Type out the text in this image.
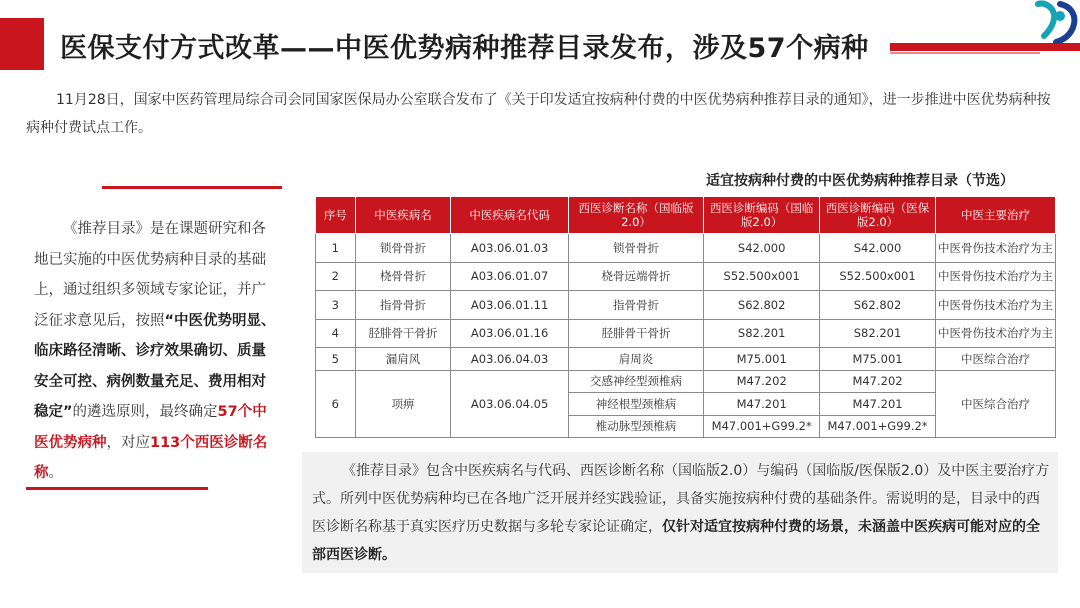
医保支付方式改革——中医优势病种推荐目录发布，涉及57个病种

11月28日，国家中医药管理局综合司会同国家医保局办公室联合发布了《关于印发适宜按病种付费的中医优势病种推荐目录的通知》，进一步推进中医优势病种按病种付费试点工作。

《推荐目录》是在课题研究和各地已实施的中医优势病种目录的基础上，通过组织多领域专家论证，并广泛征求意见后，按照“中医优势明显、临床路径清晰、诊疗效果确切、质量安全可控、病例数量充足、费用相对稳定”的遴选原则，最终确定57个中医优势病种，对应113个西医诊断名称。

适宜按病种付费的中医优势病种推荐目录（节选）
序号	中医疾病名	中医疾病名代码	西医诊断名称（国临版2.0）	西医诊断编码（国临版2.0）	西医诊断编码（医保版2.0）	中医主要治疗
1	锁骨骨折	A03.06.01.03	锁骨骨折	S42.000	S42.000	中医骨伤技术治疗为主
2	桡骨骨折	A03.06.01.07	桡骨远端骨折	S52.500x001	S52.500x001	中医骨伤技术治疗为主
3	指骨骨折	A03.06.01.11	指骨骨折	S62.802	S62.802	中医骨伤技术治疗为主
4	胫腓骨干骨折	A03.06.01.16	胫腓骨干骨折	S82.201	S82.201	中医骨伤技术治疗为主
5	漏肩风	A03.06.04.03	肩周炎	M75.001	M75.001	中医综合治疗
6	项痹	A03.06.04.05	交感神经型颈椎病	M47.202	M47.202	中医综合治疗
			神经根型颈椎病	M47.201	M47.201	
			椎动脉型颈椎病	M47.001+G99.2*	M47.001+G99.2*	

《推荐目录》包含中医疾病名与代码、西医诊断名称（国临版2.0）与编码（国临版/医保版2.0）及中医主要治疗方式。所列中医优势病种均已在各地广泛开展并经实践验证，具备实施按病种付费的基础条件。需说明的是，目录中的西医诊断名称基于真实医疗历史数据与多轮专家论证确定，仅针对适宜按病种付费的场景，未涵盖中医疾病可能对应的全部西医诊断。
